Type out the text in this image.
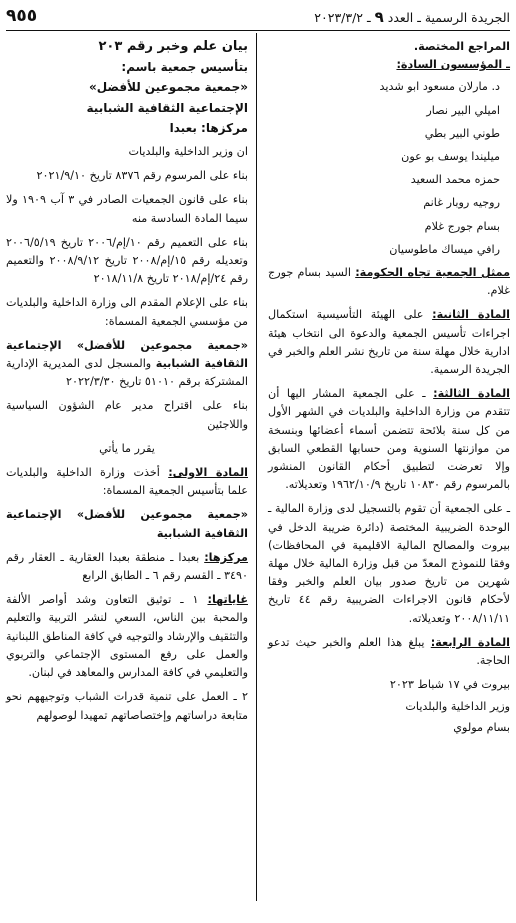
٩٥٥	الجريدة الرسمية ـ العدد ٩ ـ ٢٠٢٣/٣/٢

المراجع المختصة.

ـ المؤسسون السادة:

د. مارلان مسعود ابو شديد

اميلي البير نصار

طوني البير بطي

ميليندا يوسف بو عون

حمزه محمد السعيد

روجيه روبار غانم

بسام جورج غلام

رافي ميساك ماطوسيان

ممثل الجمعية تجاه الحكومة: السيد بسام جورج غلام.

المادة الثانية: على الهيئة التأسيسية استكمال اجراءات تأسيس الجمعية والدعوة الى انتخاب هيئة ادارية خلال مهلة سنة من تاريخ نشر العلم والخبر في الجريدة الرسمية.

المادة الثالثة: ـ على الجمعية المشار اليها أن تتقدم من وزارة الداخلية والبلديات في الشهر الأول من كل سنة بلائحة تتضمن أسماء أعضائها وبنسخة من موازنتها السنوية ومن حسابها القطعي السابق وإلا تعرضت لتطبيق أحكام القانون المنشور بالمرسوم رقم ١٠٨٣٠ تاريخ ١٩٦٢/١٠/٩ وتعديلاته.

ـ على الجمعية أن تقوم بالتسجيل لدى وزارة المالية ـ الوحدة الضريبية المختصة (دائرة ضريبة الدخل في بيروت والمصالح المالية الاقليمية في المحافظات) وفقا للنموذج المعدّ من قبل وزارة المالية خلال مهلة شهرين من تاريخ صدور بيان العلم والخبر وفقا لأحكام قانون الاجراءات الضريبية رقم ٤٤ تاريخ ٢٠٠٨/١١/١١ وتعديلاته.

المادة الرابعة: يبلغ هذا العلم والخبر حيث تدعو الحاجة.

بيروت في ١٧ شباط ٢٠٢٣

وزير الداخلية والبلديات

بسام مولوي

بيان علم وخبر رقم ٢٠٣

بتأسيس جمعية باسم:

«جمعية مجموعين للأفضل»

الإجتماعية الثقافية الشبابية

مركزها: بعبدا

ان وزير الداخلية والبلديات

بناء على المرسوم رقم ٨٣٧٦ تاريخ ٢٠٢١/٩/١٠

بناء على قانون الجمعيات الصادر في ٣ آب ١٩٠٩ ولا سيما المادة السادسة منه

بناء على التعميم رقم ١٠/إم/٢٠٠٦ تاريخ ٢٠٠٦/٥/١٩ وتعديله رقم ١٥/إم/٢٠٠٨ تاريخ ٢٠٠٨/٩/١٢ والتعميم رقم ٢٤/إم/٢٠١٨ تاريخ ٢٠١٨/١١/٨

بناء على الإعلام المقدم الى وزارة الداخلية والبلديات من مؤسسي الجمعية المسماة:

«جمعية مجموعين للأفضل» الإجتماعية الثقافية الشبابية والمسجل لدى المديرية الإدارية المشتركة برقم ٥١٠١٠ تاريخ ٢٠٢٢/٣/٣٠

بناء على اقتراح مدير عام الشؤون السياسية واللاجئين

يقرر ما يأتي

المادة الاولى: أخذت وزارة الداخلية والبلديات علما بتأسيس الجمعية المسماة:

«جمعية مجموعين للأفضل» الإجتماعية الثقافية الشبابية

مركزها: بعبدا ـ منطقة بعبدا العقارية ـ العقار رقم ٣٤٩٠ ـ القسم رقم ٦ ـ الطابق الرابع

غاياتها: ١ ـ توثيق التعاون وشد أواصر الألفة والمحبة بين الناس، السعي لنشر التربية والتعليم والتثقيف والإرشاد والتوجيه في كافة المناطق اللبنانية والعمل على رفع المستوى الإجتماعي والتربوي والتعليمي في كافة المدارس والمعاهد في لبنان.

٢ ـ العمل على تنمية قدرات الشباب وتوجيههم نحو متابعة دراساتهم وإختصاصاتهم تمهيدا لوصولهم
